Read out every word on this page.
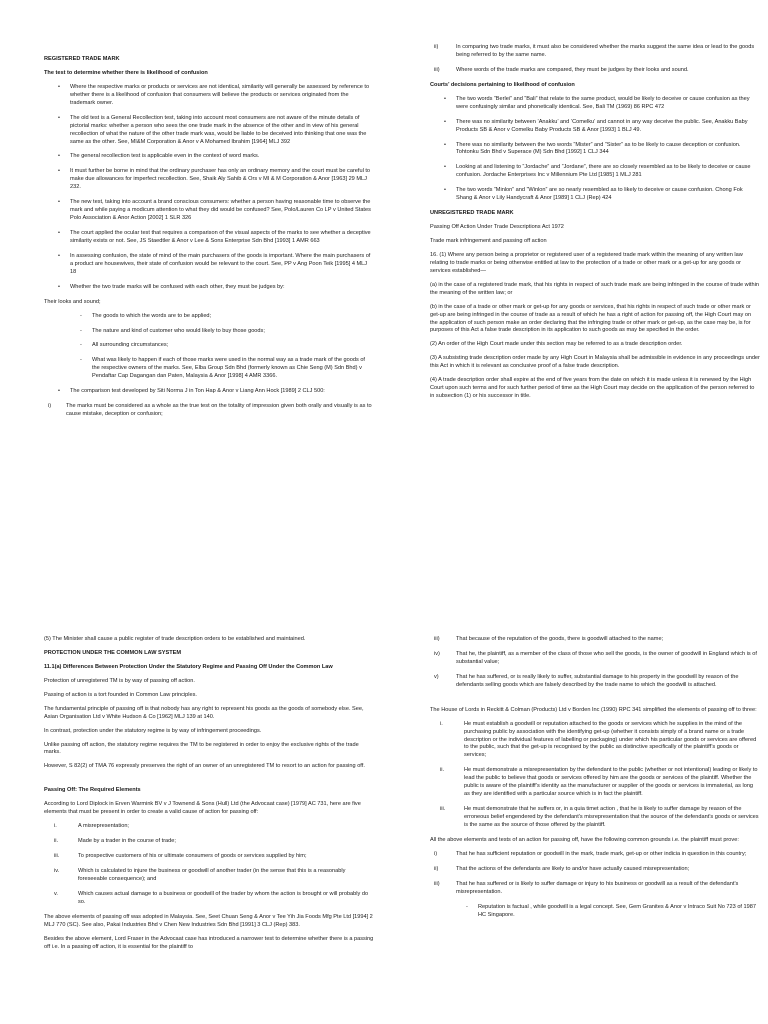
REGISTERED TRADE MARK

The test to determine whether there is likelihood of confusion

• Where the respective marks or products or services are not identical, similarity will generally be assessed by reference to whether there is a likelihood of confusion that consumers will believe the products or services originated from the trademark owner.
• The old test is a General Recollection test, taking into account most consumers are not aware of the minute details of pictorial marks: whether a person who sees the one trade mark in the absence of the other and in view of his general recollection of what the nature of the other trade mark was, would be liable to be deceived into thinking that one was the same as the other. See, MI&M Corporation & Anor v A Mohamed Ibrahim [1964] MLJ 392
• The general recollection test is applicable even in the context of word marks.
• It must further be borne in mind that the ordinary purchaser has only an ordinary memory and the court must be careful to make due allowances for imperfect recollection. See, Shaik Aly Sahib & Ors v MI & M Corporation & Anor [1963] 29 MLJ 232.
• The new test, taking into account a brand conscious consumers: whether a person having reasonable time to observe the mark and while paying a modicum attention to what they did would be confused? See, Polo/Lauren Co LP v United States Polo Association & Anor Action [2002] 1 SLR 326
• The court applied the ocular test that requires a comparison of the visual aspects of the marks to see whether a deceptive similarity exists or not. See, JS Staedtler & Anor v Lee & Sons Enterprise Sdn Bhd [1993] 1 AMR 663
• In assessing confusion, the state of mind of the main purchasers of the goods is important. Where the main purchasers of a product are housewives, their state of confusion would be relevant to the court. See, PP v Ang Poon Teik [1995] 4 MLJ 18
• Whether the two trade marks will be confused with each other, they must be judges by:

Their looks and sound;

- The goods to which the words are to be applied;
- The nature and kind of customer who would likely to buy those goods;
- All surrounding circumstances;
- What was likely to happen if each of those marks were used in the normal way as a trade mark of the goods of the respective owners of the marks. See, Elba Group Sdn Bhd (formerly known as Chie Seng (M) Sdn Bhd) v Pendaftar Cap Dagangan dan Paten, Malaysia & Anor [1998] 4 AMR 3366.
• The comparison test developed by Siti Norma J in Ton Hap & Anor v Liang Ann Hock [1989] 2 CLJ 500:
i)	The marks must be considered as a whole as the true test on the totality of impression given both orally and visually is as to cause mistake, deception or confusion;
ii)	In comparing two trade marks, it must also be considered whether the marks suggest the same idea or lead to the goods being referred to by the same name.
iii)	Where words of the trade marks are compared, they must be judges by their looks and sound.

Courts’ decisions pertaining to likelihood of confusion

• The two words “Berlei” and “Bali” that relate to the same product, would be likely to deceive or cause confusion as they were confusingly similar and phonetically identical. See, Bali TM (1969) 86 RPC 472
• There was no similarity between ‘Anakku’ and ‘Comelku’ and cannot in any way deceive the public. See, Anakku Baby Products SB & Anor v Comelku Baby Products SB & Anor [1993] 1 BLJ 49.
• There was no similarity between the two words “Mister” and “Sister” as to be likely to cause deception or confusion. Tohtonku Sdn Bhd v Superace (M) Sdn Bhd [1992] 1 CLJ 344
• Looking at and listening to “Jordache” and “Jordane”, there are so closely resembled as to be likely to deceive or cause confusion. Jordache Enterprises Inc v Millennium Pte Ltd [1985] 1 MLJ 281
• The two words “Minlon” and “Winlon” are so nearly resembled as to likely to deceive or cause confusion. Chong Fok Shang & Anor v Lily Handycraft & Anor [1989] 1 CLJ (Rep) 424

UNREGISTERED TRADE MARK

Passing Off Action Under Trade Descriptions Act 1972

Trade mark infringement and passing off action

16. (1) Where any person being a proprietor or registered user of a registered trade mark within the meaning of any written law relating to trade marks or being otherwise entitled at law to the protection of a trade or other mark or a get-up for any goods or services established—

(a) in the case of a registered trade mark, that his rights in respect of such trade mark are being infringed in the course of trade within the meaning of the written law; or

(b) in the case of a trade or other mark or get-up for any goods or services, that his rights in respect of such trade or other mark or get-up are being infringed in the course of trade as a result of which he has a right of action for passing off, the High Court may on the application of such person make an order declaring that the infringing trade or other mark or get-up, as the case may be, is for purposes of this Act a false trade description in its application to such goods as may be specified in the order.

(2) An order of the High Court made under this section may be referred to as a trade description order.

(3) A subsisting trade description order made by any High Court in Malaysia shall be admissible in evidence in any proceedings under this Act in which it is relevant as conclusive proof of a false trade description.

(4) A trade description order shall expire at the end of five years from the date on which it is made unless it is renewed by the High Court upon such terms and for such further period of time as the High Court may decide on the application of the person referred to in subsection (1) or his successor in title.

(5) The Minister shall cause a public register of trade description orders to be established and maintained.

PROTECTION UNDER THE COMMON LAW SYSTEM

11.1(a) Differences Between Protection Under the Statutory Regime and Passing Off Under the Common Law

Protection of unregistered TM is by way of passing off action.

Passing of action is a tort founded in Common Law principles.

The fundamental principle of passing off is that nobody has any right to represent his goods as the goods of somebody else. See, Asian Organisation Ltd v White Hudson & Co [1962] MLJ 139 at 140.

In contrast, protection under the statutory regime is by way of infringement proceedings.

Unlike passing off action, the statutory regime requires the TM to be registered in order to enjoy the exclusive rights of the trade marks.

However, S 82(2) of TMA 76 expressly preserves the right of an owner of an unregistered TM to resort to an action for passing off.

Passing Off: The Required Elements

According to Lord Diplock in Erven Warmink BV v J Townend & Sons (Hull) Ltd (the Advocaat case) [1979] AC 731, here are five elements that must be present in order to create a valid cause of action for passing off:

i.	A misrepresentation;
ii.	Made by a trader in the course of trade;
iii.	To prospective customers of his or ultimate consumers of goods or services supplied by him;
iv.	Which is calculated to injure the business or goodwill of another trader (in the sense that this is a reasonably foreseeable consequence); and
v.	Which causes actual damage to a business or goodwill of the trader by whom the action is brought or will probably do so.

The above elements of passing off was adopted in Malaysia. See, Seet Chuan Seng & Anor v Tee Yih Jia Foods Mfg Pte Ltd [1994] 2 MLJ 770 (SC). See also, Pakai Industries Bhd v Chen New Industries Sdn Bhd [1991] 3 CLJ (Rep) 383.

Besides the above element, Lord Fraser in the Advocaat case has introduced a narrower test to determine whether there is a passing off i.e. In a passing off action, it is essential for the plaintiff to

iii)	That because of the reputation of the goods, there is goodwill attached to the name;
iv)	That he, the plaintiff, as a member of the class of those who sell the goods, is the owner of goodwill in England which is of substantial value;
v)	That he has suffered, or is really likely to suffer, substantial damage to his property in the goodwill by reason of the defendants selling goods which are falsely described by the trade name to which the goodwill is attached.

The House of Lords in Reckitt & Colman (Products) Ltd v Borden Inc (1990) RPC 341 simplified the elements of passing off to three:

i.	He must establish a goodwill or reputation attached to the goods or services which he supplies in the mind of the purchasing public by association with the identifying get-up (whether it consists simply of a brand name or a trade description or the individual features of labelling or packaging) under which his particular goods or services are offered to the public, such that the get-up is recognised by the public as distinctive specifically of the plaintiff’s goods or services;
ii.	He must demonstrate a misrepresentation by the defendant to the public (whether or not intentional) leading or likely to lead the public to believe that goods or services offered by him are the goods or services of the plaintiff. Whether the public is aware of the plaintiff’s identity as the manufacturer or supplier of the goods or services is immaterial, as long as they are identified with a particular source which is in fact the plaintiff.
iii.	He must demonstrate that he suffers or, in a quia timet action , that he is likely to suffer damage by reason of the erroneous belief engendered by the defendant’s misrepresentation that the source of the defendant’s goods or services is the same as the source of those offered by the plaintiff.

All the above elements and tests of an action for passing off, have the following common grounds i.e. the plaintiff must prove:

i)	That he has sufficient reputation or goodwill in the mark, trade mark, get-up or other indicia in question in this country;
ii)	That the actions of the defendants are likely to and/or have actually caused misrepresentation;
iii)	That he has suffered or is likely to suffer damage or injury to his business or goodwill as a result of the defendant’s misrepresentation.
- Reputation is factual , while goodwill is a legal concept. See, Gem Granites & Anor v Intraco Suit No 723 of 1987 HC Singapore.
